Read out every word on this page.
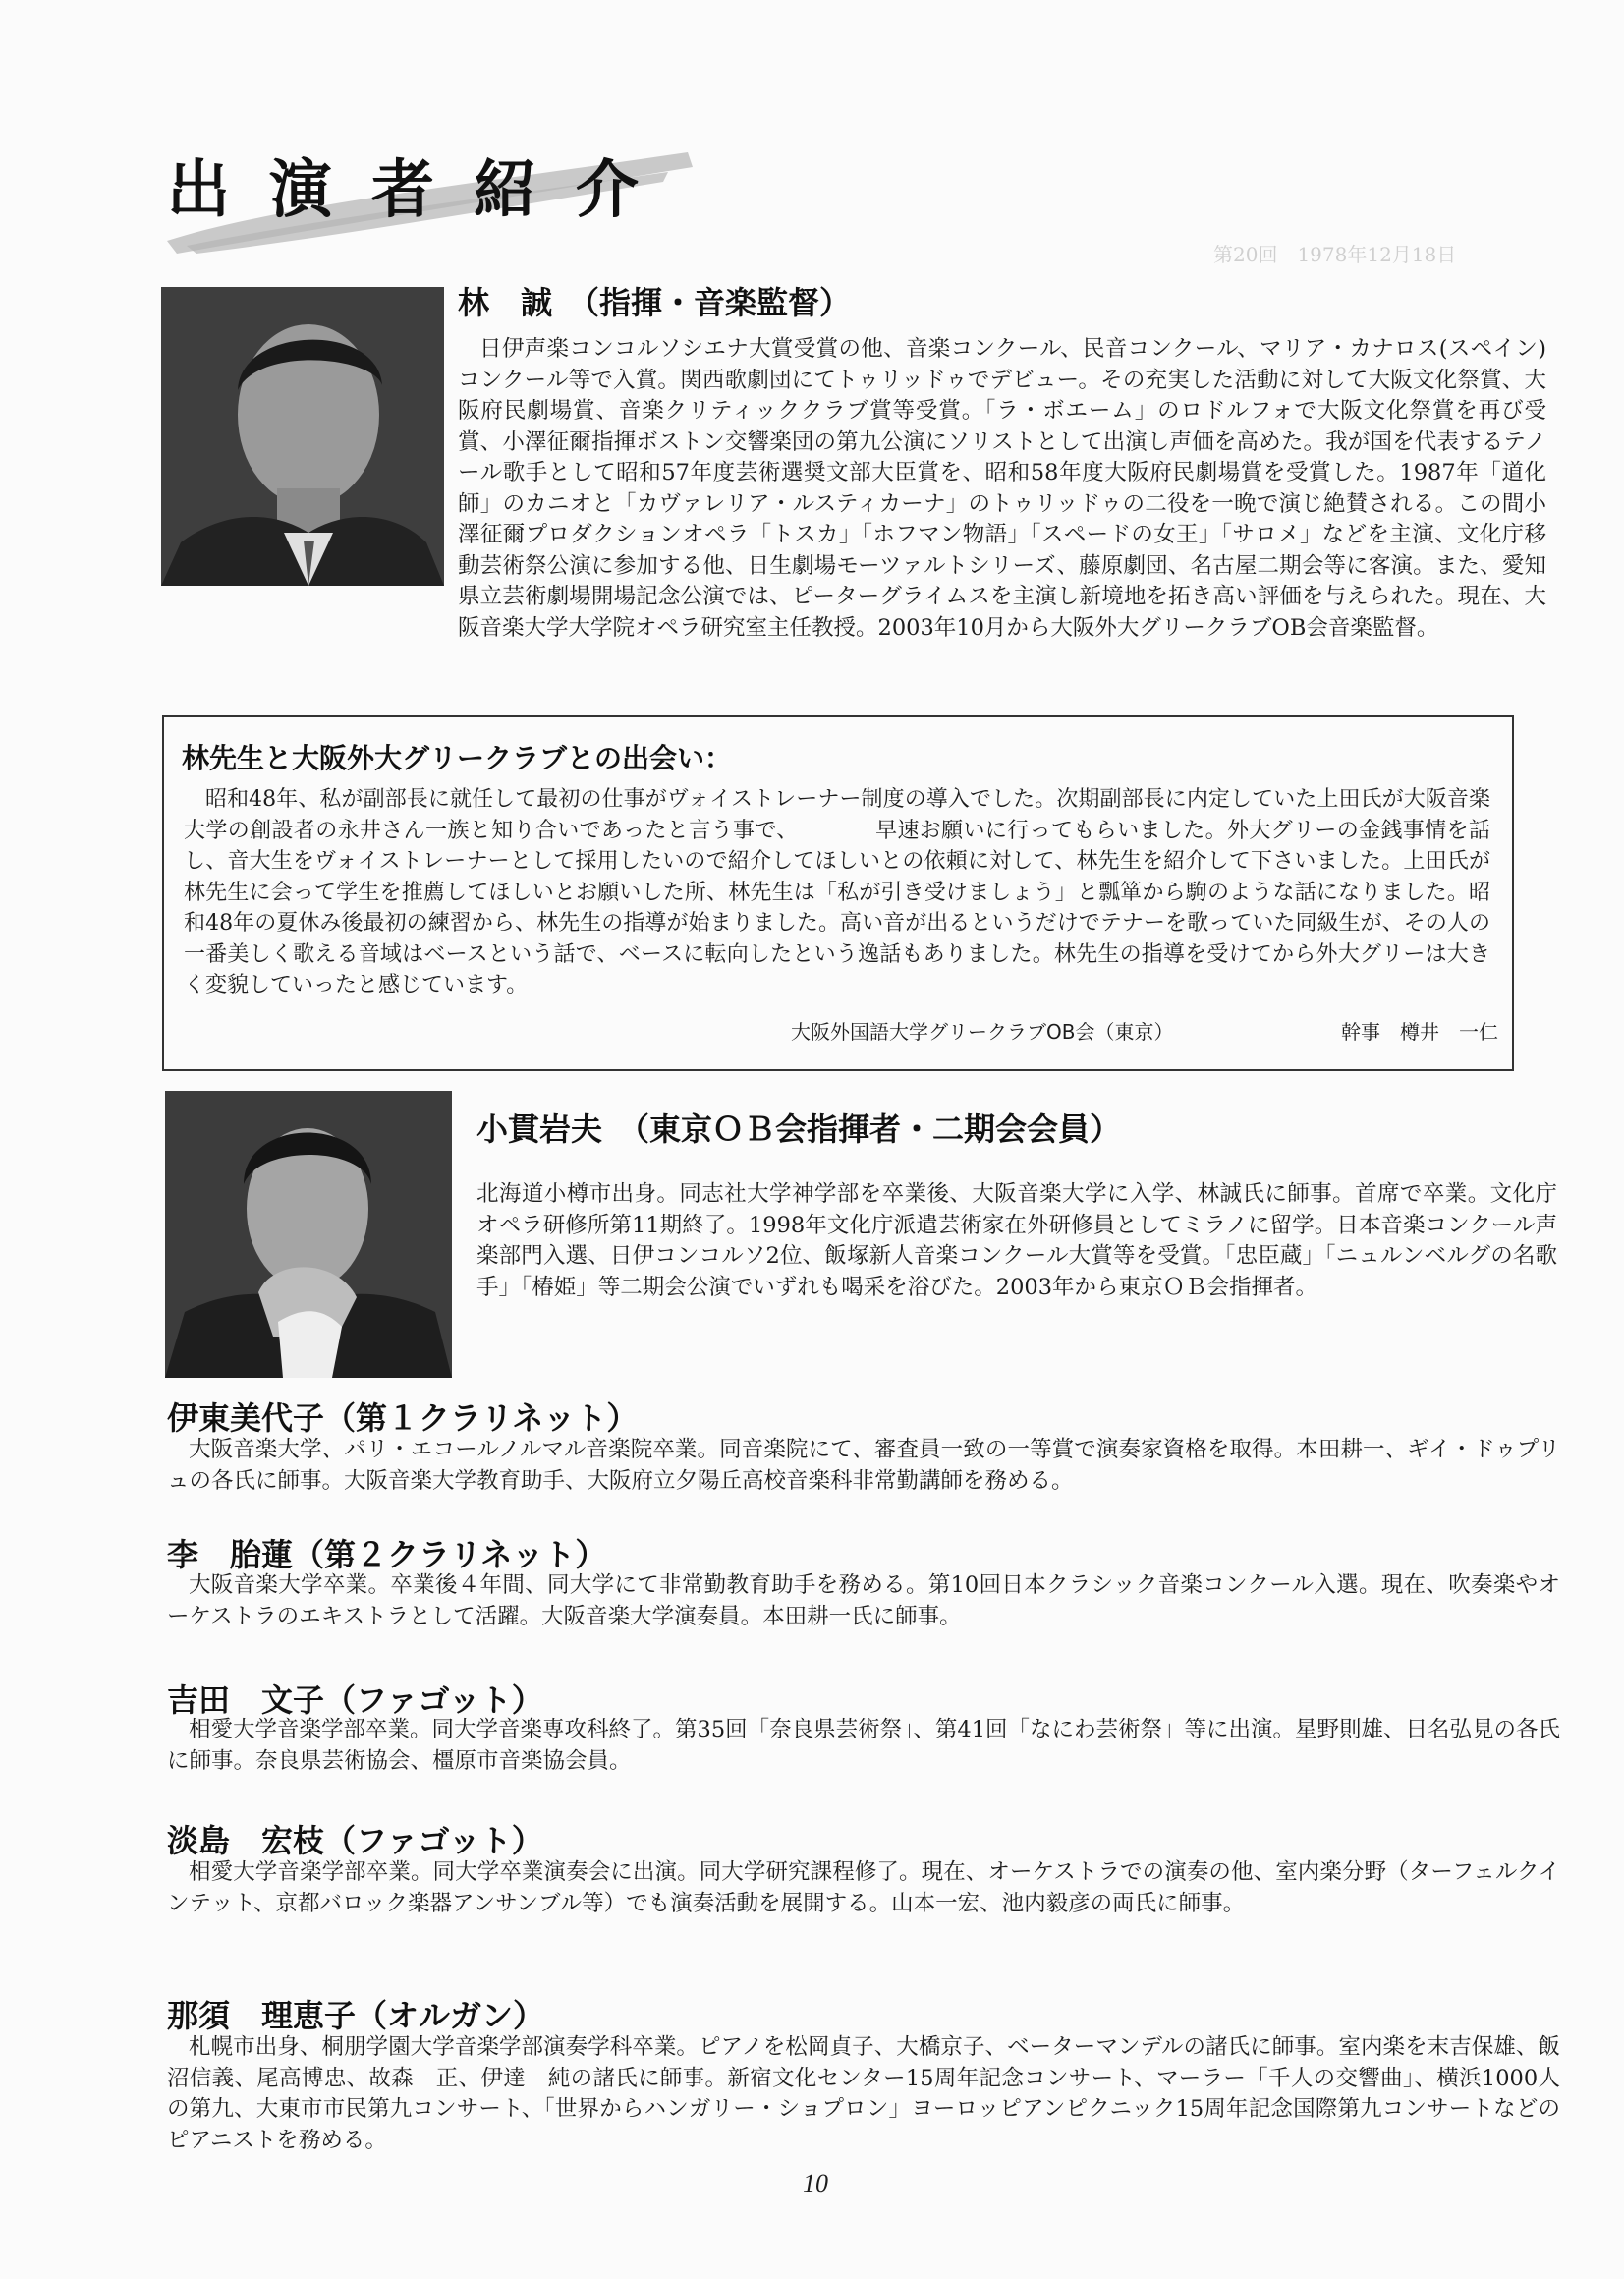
出演者紹介
第20回　1978年12月18日
林　誠　（指揮・音楽監督）
日伊声楽コンコルソシエナ大賞受賞の他、音楽コンクール、民音コンクール、マリア・カナロス(スペイン)コンクール等で入賞。関西歌劇団にてトゥリッドゥでデビュー。その充実した活動に対して大阪文化祭賞、大阪府民劇場賞、音楽クリティッククラブ賞等受賞。「ラ・ボエーム」のロドルフォで大阪文化祭賞を再び受賞、小澤征爾指揮ボストン交響楽団の第九公演にソリストとして出演し声価を高めた。我が国を代表するテノール歌手として昭和57年度芸術選奨文部大臣賞を、昭和58年度大阪府民劇場賞を受賞した。1987年「道化師」のカニオと「カヴァレリア・ルスティカーナ」のトゥリッドゥの二役を一晩で演じ絶賛される。この間小澤征爾プロダクションオペラ「トスカ」「ホフマン物語」「スペードの女王」「サロメ」などを主演、文化庁移動芸術祭公演に参加する他、日生劇場モーツァルトシリーズ、藤原劇団、名古屋二期会等に客演。また、愛知県立芸術劇場開場記念公演では、ピーターグライムスを主演し新境地を拓き高い評価を与えられた。現在、大阪音楽大学大学院オペラ研究室主任教授。2003年10月から大阪外大グリークラブOB会音楽監督。
林先生と大阪外大グリークラブとの出会い：
昭和48年、私が副部長に就任して最初の仕事がヴォイストレーナー制度の導入でした。次期副部長に内定していた上田氏が大阪音楽大学の創設者の永井さん一族と知り合いであったと言う事で、　　　　早速お願いに行ってもらいました。外大グリーの金銭事情を話し、音大生をヴォイストレーナーとして採用したいので紹介してほしいとの依頼に対して、林先生を紹介して下さいました。上田氏が林先生に会って学生を推薦してほしいとお願いした所、林先生は「私が引き受けましょう」と瓢箪から駒のような話になりました。昭和48年の夏休み後最初の練習から、林先生の指導が始まりました。高い音が出るというだけでテナーを歌っていた同級生が、その人の一番美しく歌える音域はベースという話で、ベースに転向したという逸話もありました。林先生の指導を受けてから外大グリーは大きく変貌していったと感じています。
大阪外国語大学グリークラブOB会（東京）	幹事　樽井　一仁
小貫岩夫　（東京ＯＢ会指揮者・二期会会員）
北海道小樽市出身。同志社大学神学部を卒業後、大阪音楽大学に入学、林誠氏に師事。首席で卒業。文化庁オペラ研修所第11期終了。1998年文化庁派遣芸術家在外研修員としてミラノに留学。日本音楽コンクール声楽部門入選、日伊コンコルソ2位、飯塚新人音楽コンクール大賞等を受賞。「忠臣蔵」「ニュルンベルグの名歌手」「椿姫」等二期会公演でいずれも喝采を浴びた。2003年から東京ＯＢ会指揮者。
伊東美代子（第１クラリネット）
大阪音楽大学、パリ・エコールノルマル音楽院卒業。同音楽院にて、審査員一致の一等賞で演奏家資格を取得。本田耕一、ギイ・ドゥプリュの各氏に師事。大阪音楽大学教育助手、大阪府立夕陽丘高校音楽科非常勤講師を務める。
李　胎蓮（第２クラリネット）
大阪音楽大学卒業。卒業後４年間、同大学にて非常勤教育助手を務める。第10回日本クラシック音楽コンクール入選。現在、吹奏楽やオーケストラのエキストラとして活躍。大阪音楽大学演奏員。本田耕一氏に師事。
吉田　文子（ファゴット）
相愛大学音楽学部卒業。同大学音楽専攻科終了。第35回「奈良県芸術祭」、第41回「なにわ芸術祭」等に出演。星野則雄、日名弘見の各氏に師事。奈良県芸術協会、橿原市音楽協会員。
淡島　宏枝（ファゴット）
相愛大学音楽学部卒業。同大学卒業演奏会に出演。同大学研究課程修了。現在、オーケストラでの演奏の他、室内楽分野（ターフェルクインテット、京都バロック楽器アンサンブル等）でも演奏活動を展開する。山本一宏、池内毅彦の両氏に師事。
那須　理恵子（オルガン）
札幌市出身、桐朋学園大学音楽学部演奏学科卒業。ピアノを松岡貞子、大橋京子、ベーターマンデルの諸氏に師事。室内楽を末吉保雄、飯沼信義、尾高博忠、故森　正、伊達　純の諸氏に師事。新宿文化センター15周年記念コンサート、マーラー「千人の交響曲」、横浜1000人の第九、大東市市民第九コンサート、「世界からハンガリー・ショプロン」ヨーロッピアンピクニック15周年記念国際第九コンサートなどのピアニストを務める。
10
